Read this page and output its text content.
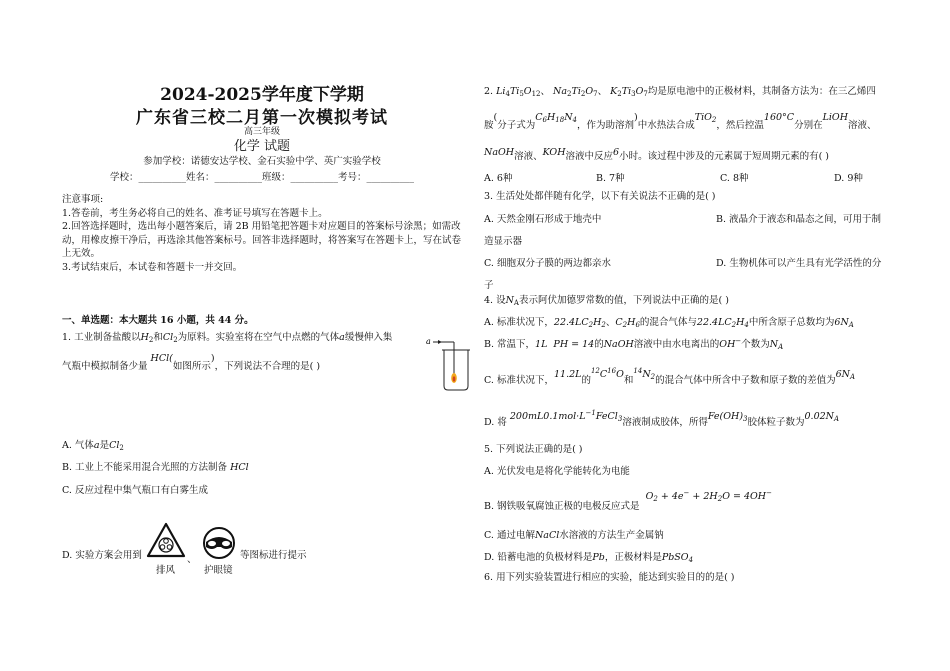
2024-2025学年度下学期
广东省三校二月第一次模拟考试
高三年级
化学 试题
参加学校：诺德安达学校、金石实验中学、英广实验学校
学校：__________姓名：__________班级：__________考号：__________

注意事项:

1.答卷前，考生务必将自己的姓名、准考证号填写在答题卡上。

2.回答选择题时，选出每小题答案后，请 2B 用铅笔把答题卡对应题目的答案标号涂黑；如需改动，用橡皮擦干净后，再选涂其他答案标号。回答非选择题时，将答案写在答题卡上，写在试卷上无效。

3.考试结束后，本试卷和答题卡一并交回。

一、单选题：本大题共 16 小题，共 44 分。
1. 工业制备盐酸以$H_2$和$Cl_2$为原料。实验室将在空气中点燃的气体a缓慢伸入集
气瓶中模拟制备少量 HCl(如图所示)，下列说法不合理的是( )
a
A. 气体a是$Cl_2$
B. 工业上不能采用混合光照的方法制备 HCl
C. 反应过程中集气瓶口有白雾生成
D. 实验方案会用到	、	等图标进行提示
排风	护眼镜
2. $Li_4Ti_5O_{12}$、 $Na_2Ti_2O_7$、 $K_2Ti_3O_7$均是原电池中的正极材料，其制备方法为：在三乙烯四
胺(分子式为$C_6H_{18}N_4$，作为助溶剂)中水热法合成TiO$_2$，然后控温160°C分别在LiOH溶液、
NaOH溶液、KOH溶液中反应6小时。该过程中涉及的元素属于短周期元素的有( )
A. 6种	B. 7种	C. 8种	D. 9种
3. 生活处处都伴随有化学，以下有关说法不正确的是( )
A. 天然金刚石形成于地壳中	B. 液晶介于液态和晶态之间，可用于制
造显示器
C. 细胞双分子膜的两边都亲水	D. 生物机体可以产生具有光学活性的分
子
4. 设$N_A$表示阿伏加德罗常数的值，下列说法中正确的是( )
A. 标准状况下，$22.4LC_2H_2$、$C_2H_6$的混合气体与$22.4LC_2H_4$中所含原子总数均为$6N_A$
B. 常温下，1L  PH = 14的NaOH溶液中由水电离出的OH−个数为$N_A$
C. 标准状况下，11.2L的$^{12}C^{16}O$和$^{14}N_2$的混合气体中所含中子数和原子数的差值为$6N_A$
D. 将 $200mL0.1mol\cdot L^{-1}FeCl_3$溶液制成胶体，所得$Fe(OH)_3$胶体粒子数为$0.02N_A$
5. 下列说法正确的是( )
A. 光伏发电是将化学能转化为电能
B. 钢铁吸氧腐蚀正极的电极反应式是  $O_2 + 4e^- + 2H_2O = 4OH^-$
C. 通过电解NaCl水溶液的方法生产金属钠
D. 铅蓄电池的负极材料是Pb，正极材料是PbSO$_4$
6. 用下列实验装置进行相应的实验，能达到实验目的的是( )
